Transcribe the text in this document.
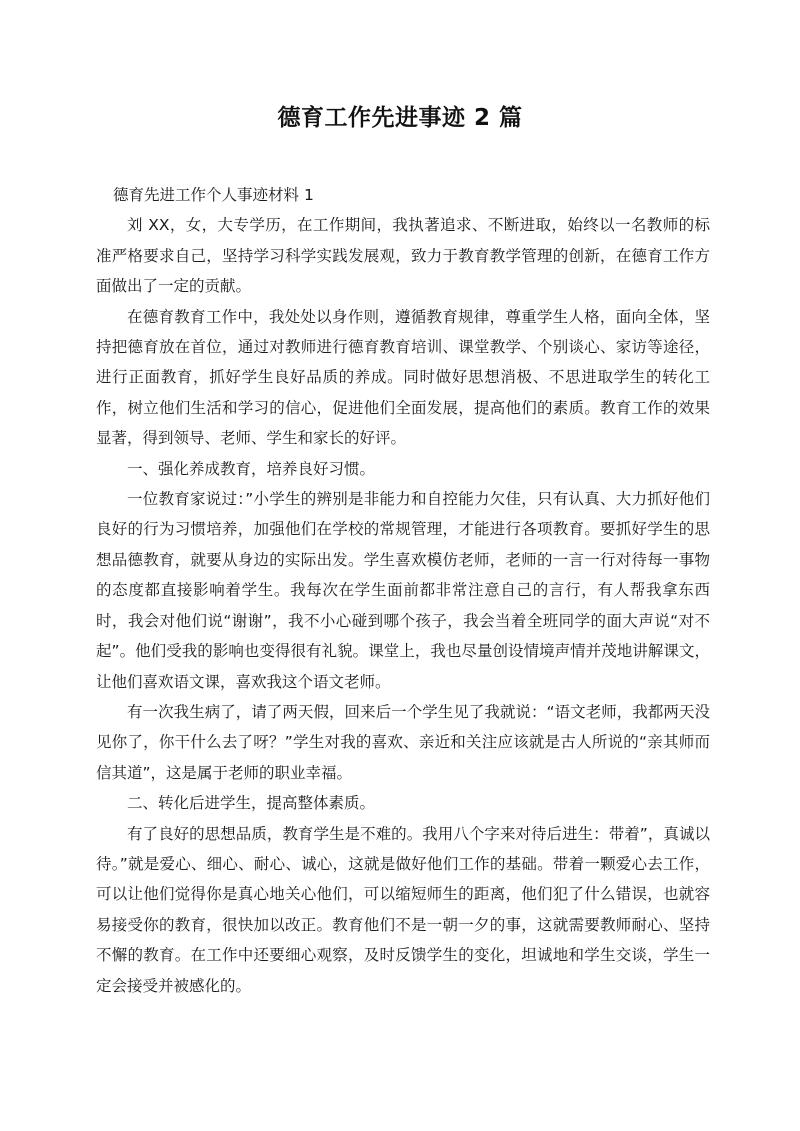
德育工作先进事迹 2 篇

德育先进工作个人事迹材料 1

刘 XX，女，大专学历，在工作期间，我执著追求、不断进取，始终以一名教师的标准严格要求自己，坚持学习科学实践发展观，致力于教育教学管理的创新，在德育工作方面做出了一定的贡献。

在德育教育工作中，我处处以身作则，遵循教育规律，尊重学生人格，面向全体，坚持把德育放在首位，通过对教师进行德育教育培训、课堂教学、个别谈心、家访等途径，进行正面教育，抓好学生良好品质的养成。同时做好思想消极、不思进取学生的转化工作，树立他们生活和学习的信心，促进他们全面发展，提高他们的素质。教育工作的效果显著，得到领导、老师、学生和家长的好评。

一、强化养成教育，培养良好习惯。

一位教育家说过：”小学生的辨别是非能力和自控能力欠佳，只有认真、大力抓好他们良好的行为习惯培养，加强他们在学校的常规管理，才能进行各项教育。要抓好学生的思想品德教育，就要从身边的实际出发。学生喜欢模仿老师，老师的一言一行对待每一事物的态度都直接影响着学生。我每次在学生面前都非常注意自己的言行，有人帮我拿东西时，我会对他们说“谢谢”，我不小心碰到哪个孩子，我会当着全班同学的面大声说“对不起”。他们受我的影响也变得很有礼貌。课堂上，我也尽量创设情境声情并茂地讲解课文，让他们喜欢语文课，喜欢我这个语文老师。

有一次我生病了，请了两天假，回来后一个学生见了我就说：“语文老师，我都两天没见你了，你干什么去了呀？”学生对我的喜欢、亲近和关注应该就是古人所说的“亲其师而信其道”，这是属于老师的职业幸福。

二、转化后进学生，提高整体素质。

有了良好的思想品质，教育学生是不难的。我用八个字来对待后进生：带着”，真诚以待。”就是爱心、细心、耐心、诚心，这就是做好他们工作的基础。带着一颗爱心去工作，可以让他们觉得你是真心地关心他们，可以缩短师生的距离，他们犯了什么错误，也就容易接受你的教育，很快加以改正。教育他们不是一朝一夕的事，这就需要教师耐心、坚持不懈的教育。在工作中还要细心观察，及时反馈学生的变化，坦诚地和学生交谈，学生一定会接受并被感化的。
